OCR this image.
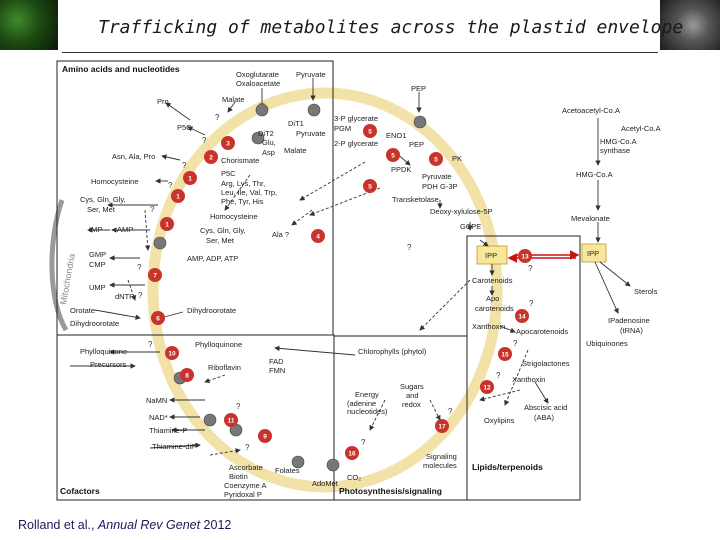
Trafficking of metabolites across the plastid envelope
Mitochondria
Amino acids and nucleotides
Cofactors	Photosynthesis/signaling
Lipids/terpenoids
3
5
5
5
5
2
1
1
1
4
7
6
10
8
11
9
16
17
13
14
15
12
?
?
?
?
?
?
?
?
?
?
?
?
?
?
?
?
?
Oxoglutarate
Oxaloacetate
Pyruvate
PEP
Pro
P5C
Malate
DiT1
3-P glycerate
PGM
2-P glycerate
ENO1
PEP
Pyruvate
Pyruvate
DiT2
Glu,
Asp Malate
Asn, Ala, Pro	Chorismate
PPDK
PK
PDH G-3P
Homocysteine
P5C
Arg, Lys, Thr,
Leu, Ile, Val, Trp,
Phe, Tyr, His	Transketolase
Cys, Gln, Gly,
Ser, Met
Homocysteine
Deoxy-xylulose-5P
Ala ?
IMP AMP	Cys, Gln, Gly,
Ser, Met
GCPE
Mevalonate
Acetoacetyl-Co.A
Acetyl-Co.A
HMG-Co.A
synthase
HMG-Co.A
GMP
CMP
AMP, ADP, ATP	IPP	IPP
UMP
dNTP
Carotenoids
Sterols
Orotate	Dihydroorotate
Dihydroorotate
Apo
carotenoids
Xanthoxin
Apocarotenoids
IPadenosine
(tRNA)
Ubiquinones
Phylloquinone
Phylloquinone
Precursors
Chlorophylls (phytol)
Strigolactones
Riboflavin
FAD
FMN
Xanthoxin
NaMN
NAD*
Thiamine-P
Thiamine-diP
Sugars
and
redox
Energy
(adenine
nucleotides)	Abscisic acid
(ABA)
Oxylipins
Ascorbate
Biotin
Coenzyme A
Pyridoxal P
Folates
AdoMet
CO₂
Signaling
molecules
Rolland et al., Annual Rev Genet 2012
